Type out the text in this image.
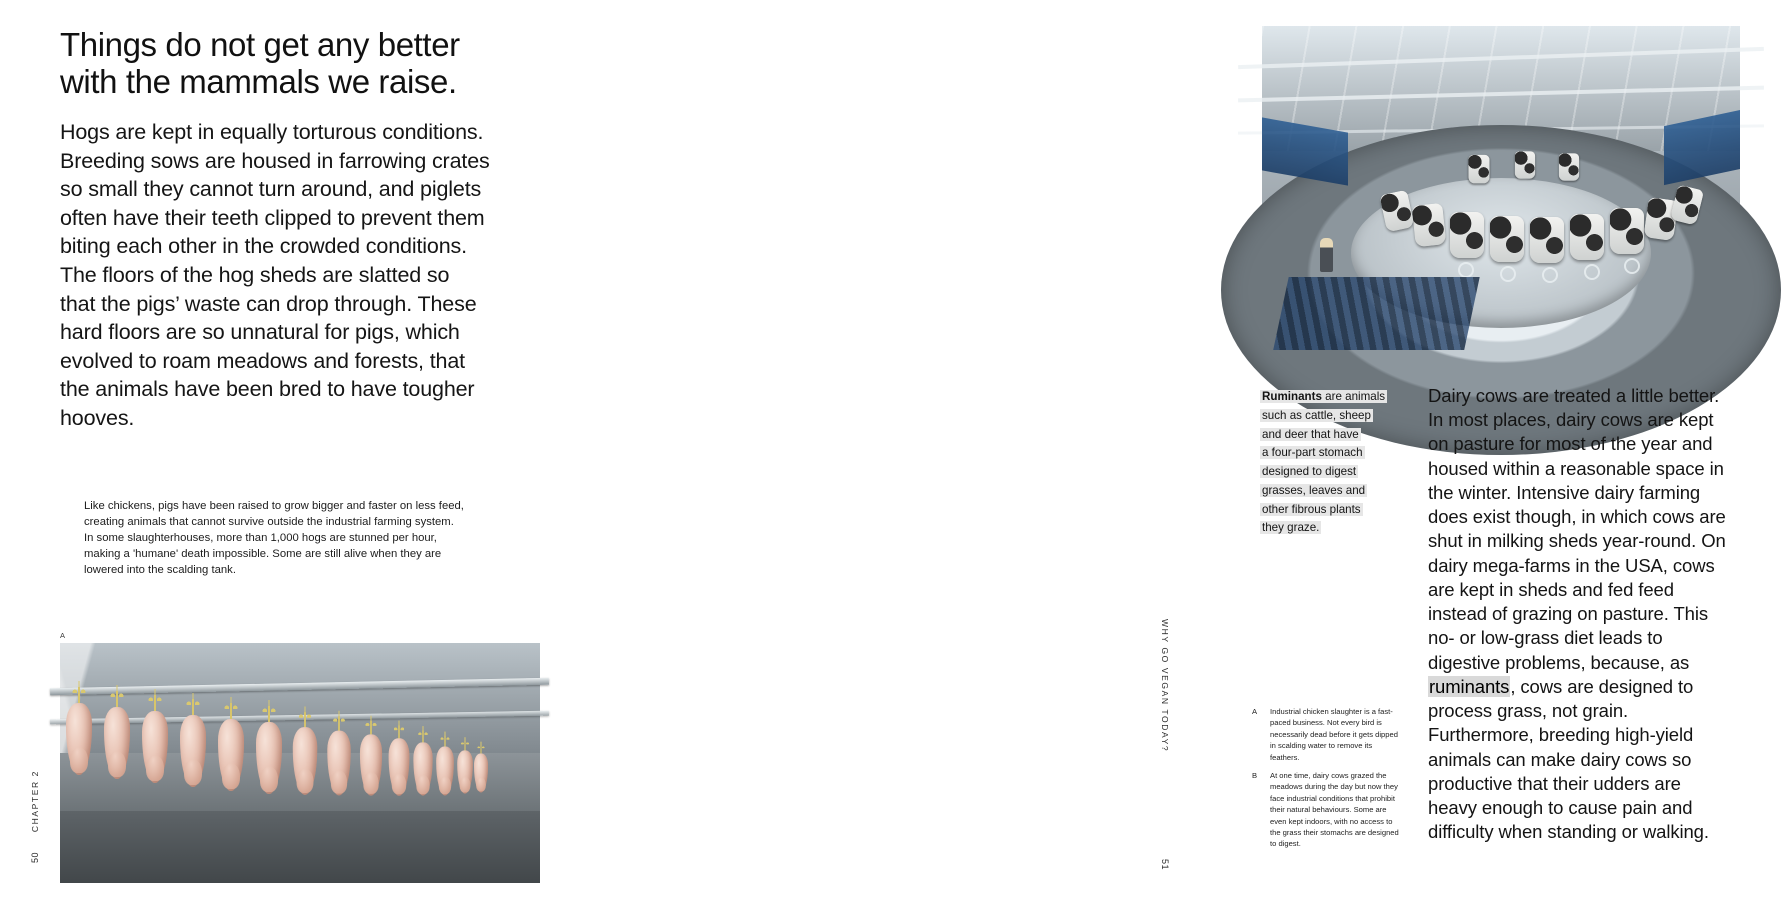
CHAPTER 2
50
Things do not get any better with the mammals we raise.

Hogs are kept in equally torturous conditions. Breeding sows are housed in farrowing crates so small they cannot turn around, and piglets often have their teeth clipped to prevent them biting each other in the crowded conditions. The floors of the hog sheds are slatted so that the pigs’ waste can drop through. These hard floors are so unnatural for pigs, which evolved to roam meadows and forests, that the animals have been bred to have tougher hooves.

Like chickens, pigs have been raised to grow bigger and faster on less feed, creating animals that cannot survive outside the industrial farming system. In some slaughterhouses, more than 1,000 hogs are stunned per hour, making a 'humane' death impossible. Some are still alive when they are lowered into the scalding tank.

A	WHY GO VEGAN TODAY?
51
Ruminants are animals
such as cattle, sheep
and deer that have
a four-part stomach
designed to digest
grasses, leaves and
other fibrous plants
they graze.

Dairy cows are treated a little better. In most places, dairy cows are kept on pasture for most of the year and housed within a reasonable space in the winter. Intensive dairy farming does exist though, in which cows are shut in milking sheds year-round. On dairy mega-farms in the USA, cows are kept in sheds and fed feed instead of grazing on pasture. This no- or low-grass diet leads to digestive problems, because, as ruminants, cows are designed to process grass, not grain. Furthermore, breeding high-yield animals can make dairy cows so productive that their udders are heavy enough to cause pain and difficulty when standing or walking.

A	Industrial chicken slaughter is a fast-paced business. Not every bird is necessarily dead before it gets dipped in scalding water to remove its feathers.
B	At one time, dairy cows grazed the meadows during the day but now they face industrial conditions that prohibit their natural behaviours. Some are even kept indoors, with no access to the grass their stomachs are designed to digest.
